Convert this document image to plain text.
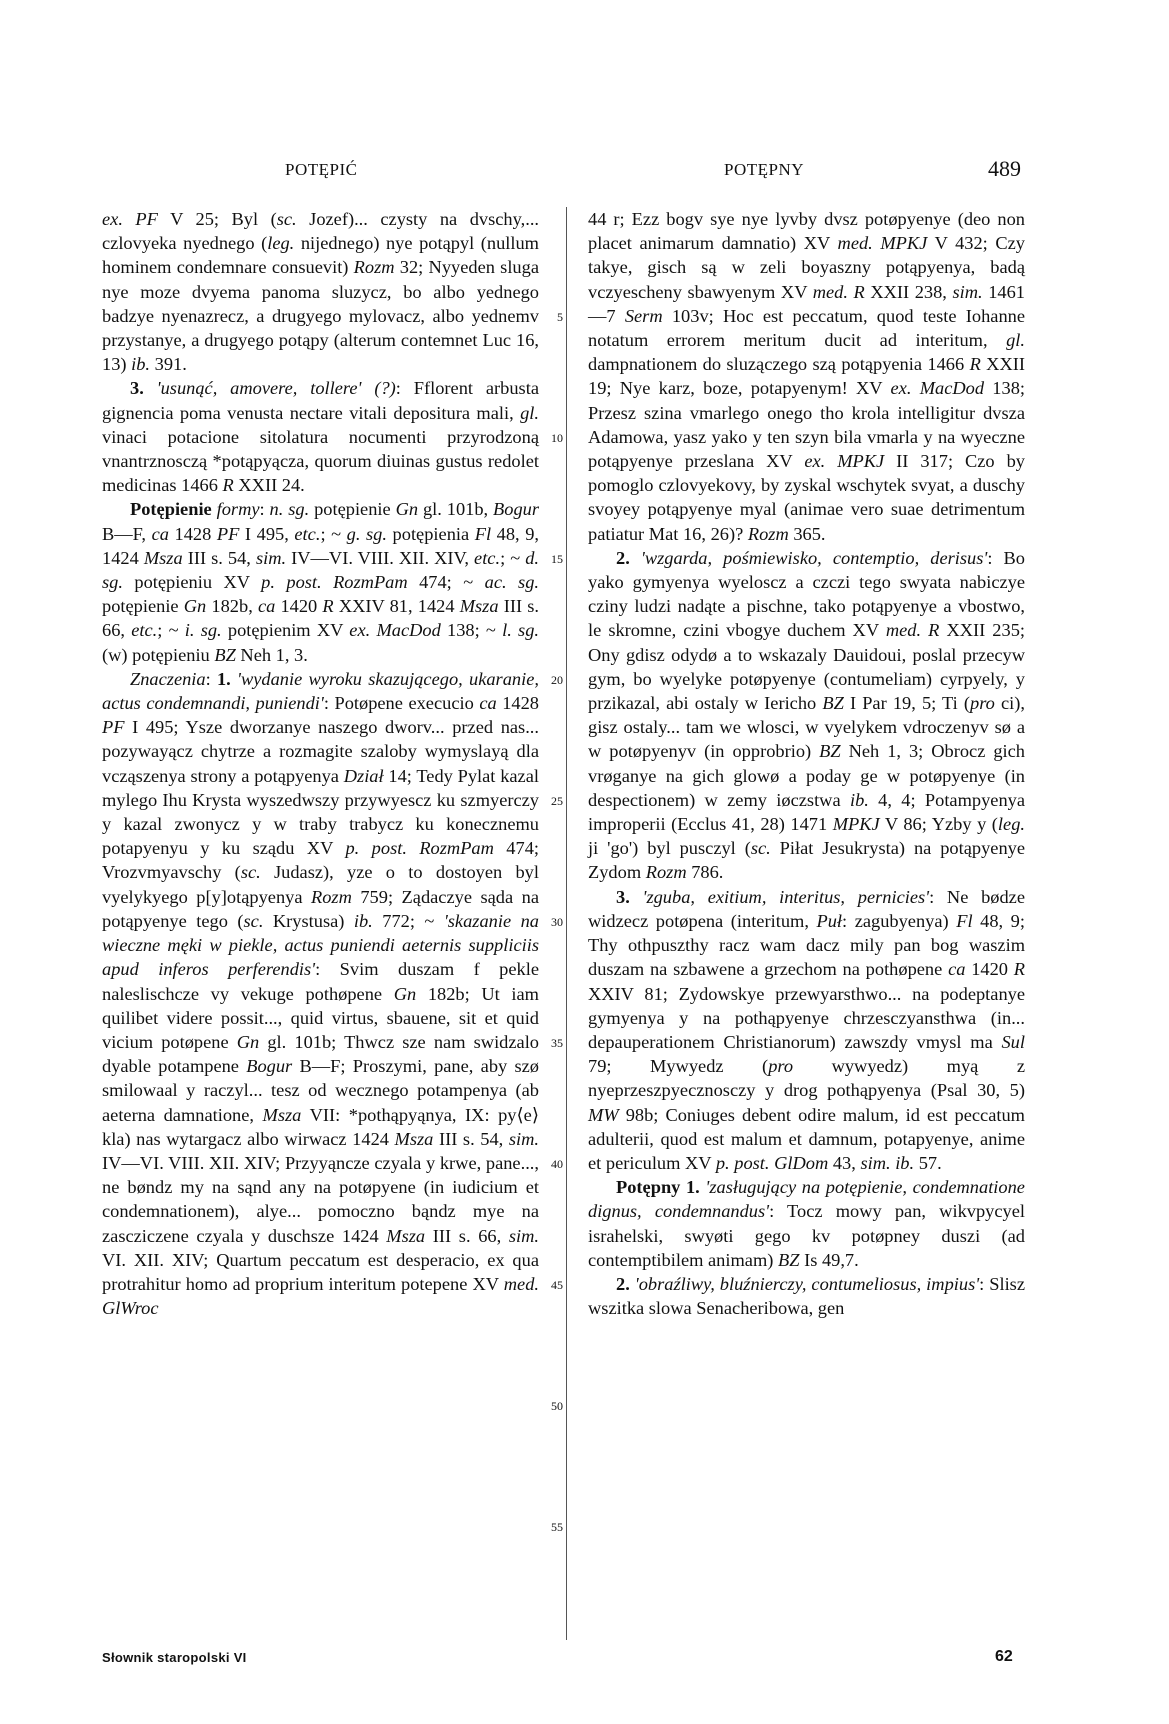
POTĘPIĆ	POTĘPNY	489

ex. PF V 25; Byl (sc. Jozef)... czysty na dvschy,... czlovyeka nyednego (leg. nijednego) nye potąpyl (nullum hominem condemnare consuevit) Rozm 32; Nyyeden sluga nye moze dvyema panoma sluzycz, bo albo yednego badzye nyenazrecz, a drugyego mylovacz, albo yednemv przystanye, a drugyego potąpy (alterum contemnet Luc 16, 13) ib. 391.

3. 'usunąć, amovere, tollere' (?): Fflorent arbusta gignencia poma venusta nectare vitali depositura mali, gl. vinaci potacione sitolatura nocumenti przyrodzoną vnantrznosczą *potąpyącza, quorum diuinas gustus redolet medicinas 1466 R XXII 24.

Potępienie formy: n. sg. potępienie Gn gl. 101b, Bogur B—F, ca 1428 PF I 495, etc.; ~ g. sg. potępienia Fl 48, 9, 1424 Msza III s. 54, sim. IV—VI. VIII. XII. XIV, etc.; ~ d. sg. potępieniu XV p. post. RozmPam 474; ~ ac. sg. potępienie Gn 182b, ca 1420 R XXIV 81, 1424 Msza III s. 66, etc.; ~ i. sg. potępienim XV ex. MacDod 138; ~ l. sg. (w) potępieniu BZ Neh 1, 3.

Znaczenia: 1. 'wydanie wyroku skazującego, ukaranie, actus condemnandi, puniendi': Potøpene execucio ca 1428 PF I 495; Ysze dworzanye naszego dworv... przed nas... pozywayącz chytrze a rozmagite szaloby wymyslayą dla vcząszenya strony a potąpyenya Dział 14; Tedy Pylat kazal mylego Ihu Krysta wyszedwszy przywyescz ku szmyerczy y kazal zwonycz y w traby trabycz ku konecznemu potapyenyu y ku sządu XV p. post. RozmPam 474; Vrozvmyavschy (sc. Judasz), yze o to dostoyen byl vyelykyego p[y]otąpyenya Rozm 759; Ządaczye sąda na potąpyenye tego (sc. Krystusa) ib. 772; ~ 'skazanie na wieczne męki w piekle, actus puniendi aeternis suppliciis apud inferos perferendis': Svim duszam f pekle naleslischcze vy vekuge pothøpene Gn 182b; Ut iam quilibet videre possit..., quid virtus, sbauene, sit et quid vicium potøpene Gn gl. 101b; Thwcz sze nam swidzalo dyable potampene Bogur B—F; Proszymi, pane, aby szø smilowaal y raczyl... tesz od wecznego potampenya (ab aeterna damnatione, Msza VII: *pothąpyąnya, IX: py⟨e⟩kla) nas wytargacz albo wirwacz 1424 Msza III s. 54, sim. IV—VI. VIII. XII. XIV; Przyyąncze czyala y krwe, pane..., ne bøndz my na sąnd any na potøpyene (in iudicium et condemnationem), alye... pomoczno bąndz mye na zascziczene czyala y duschsze 1424 Msza III s. 66, sim. VI. XII. XIV; Quartum peccatum est desperacio, ex qua protrahitur homo ad proprium interitum potepene XV med. GlWroc

5
10
15
20
25
30
35
40
45
50
55

44 r; Ezz bogv sye nye lyvby dvsz potøpyenye (deo non placet animarum damnatio) XV med. MPKJ V 432; Czy takye, gisch są w zeli boyaszny potąpyenya, badą vczyescheny sbawyenym XV med. R XXII 238, sim. 1461—7 Serm 103v; Hoc est peccatum, quod teste Iohanne notatum errorem meritum ducit ad interitum, gl. dampnationem do sluzączego szą potąpyenia 1466 R XXII 19; Nye karz, boze, potapyenym! XV ex. MacDod 138; Przesz szina vmarlego onego tho krola intelligitur dvsza Adamowa, yasz yako y ten szyn bila vmarla y na wyeczne potąpyenye przeslana XV ex. MPKJ II 317; Czo by pomoglo czlovyekovy, by zyskal wschytek svyat, a duschy svoyey potąpyenye myal (animae vero suae detrimentum patiatur Mat 16, 26)? Rozm 365.

2. 'wzgarda, pośmiewisko, contemptio, derisus': Bo yako gymyenya wyeloscz a czczi tego swyata nabiczye cziny ludzi nadąte a pischne, tako potąpyenye a vbostwo, le skromne, czini vbogye duchem XV med. R XXII 235; Ony gdisz odydø a to wskazaly Dauidoui, poslal przecyw gym, bo wyelyke potøpyenye (contumeliam) cyrpyely, y przikazal, abi ostaly w Iericho BZ I Par 19, 5; Ti (pro ci), gisz ostaly... tam we wlosci, w vyelykem vdroczenyv sø a w potøpyenyv (in opprobrio) BZ Neh 1, 3; Obrocz gich vrøganye na gich glowø a poday ge w potøpyenye (in despectionem) w zemy iøczstwa ib. 4, 4; Potampyenya improperii (Ecclus 41, 28) 1471 MPKJ V 86; Yzby y (leg. ji 'go') byl pusczyl (sc. Piłat Jesukrysta) na potąpyenye Zydom Rozm 786.

3. 'zguba, exitium, interitus, pernicies': Ne bødze widzecz potøpena (interitum, Puł: zagubyenya) Fl 48, 9; Thy othpuszthy racz wam dacz mily pan bog waszim duszam na szbawene a grzechom na pothøpene ca 1420 R XXIV 81; Zydowskye przewyarsthwo... na podeptanye gymyenya y na pothąpyenye chrzesczyansthwa (in... depauperationem Christianorum) zawszdy vmysl ma Sul 79; Mywyedz (pro wywyedz) myą z nyeprzeszpyecznosczy y drog pothąpyenya (Psal 30, 5) MW 98b; Coniuges debent odire malum, id est peccatum adulterii, quod est malum et damnum, potapyenye, anime et periculum XV p. post. GlDom 43, sim. ib. 57.

Potępny 1. 'zasługujący na potępienie, condemnatione dignus, condemnandus': Tocz mowy pan, wikvpycyel israhelski, swyøti gego kv potøpney duszi (ad contemptibilem animam) BZ Is 49,7.

2. 'obraźliwy, bluźnierczy, contumeliosus, impius': Slisz wszitka slowa Senacheribowa, gen

Słownik staropolski VI	62
